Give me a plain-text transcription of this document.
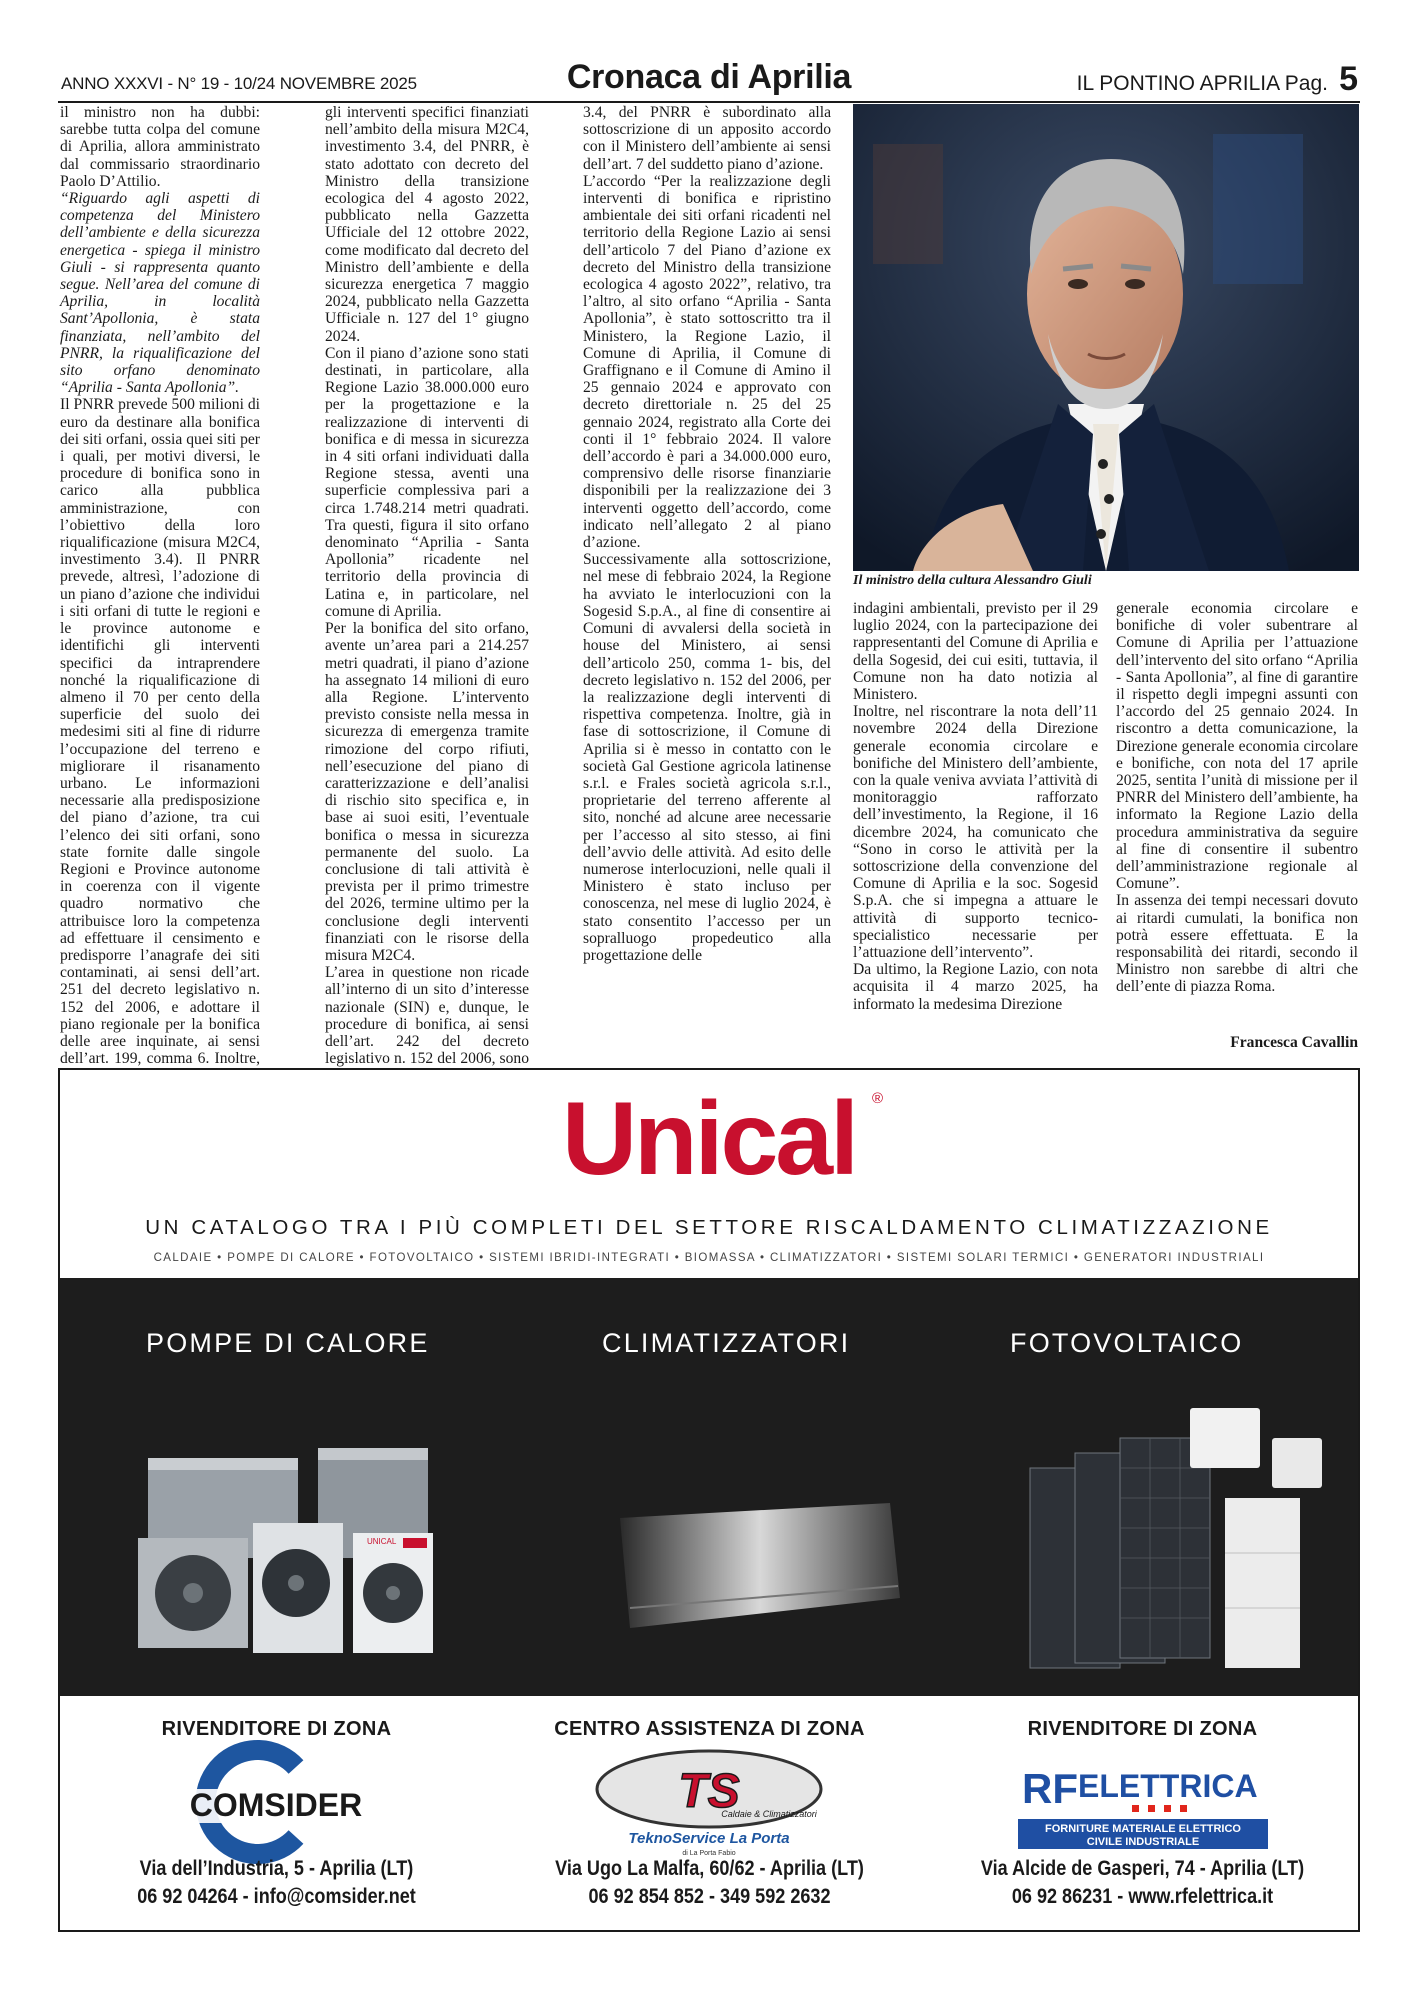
ANNO XXXVI - N° 19 - 10/24 NOVEMBRE 2025	Cronaca di Aprilia	IL PONTINO APRILIA Pag. 5

il ministro non ha dubbi: sarebbe tutta colpa del comune di Aprilia, allora amministrato dal commissario straordinario Paolo D’Attilio.

“Riguardo agli aspetti di competenza del Ministero dell’ambiente e della sicurezza energetica - spiega il ministro Giuli - si rappresenta quanto segue. Nell’area del comune di Aprilia, in località Sant’Apollonia, è stata finanziata, nell’ambito del PNRR, la riqualificazione del sito orfano denominato “Aprilia - Santa Apollonia”.

Il PNRR prevede 500 milioni di euro da destinare alla bonifica dei siti orfani, ossia quei siti per i quali, per motivi diversi, le procedure di bonifica sono in carico alla pubblica amministrazione, con l’obiettivo della loro riqualificazione (misura M2C4, investimento 3.4). Il PNRR prevede, altresì, l’adozione di un piano d’azione che individui i siti orfani di tutte le regioni e le province autonome e identifichi gli interventi specifici da intraprendere nonché la riqualificazione di almeno il 70 per cento della superficie del suolo dei medesimi siti al fine di ridurre l’occupazione del terreno e migliorare il risanamento urbano. Le informazioni necessarie alla predisposizione del piano d’azione, tra cui l’elenco dei siti orfani, sono state fornite dalle singole Regioni e Province autonome in coerenza con il vigente quadro normativo che attribuisce loro la competenza ad effettuare il censimento e predisporre l’anagrafe dei siti contaminati, ai sensi dell’art. 251 del decreto legislativo n. 152 del 2006, e adottare il piano regionale per la bonifica delle aree inquinate, ai sensi dell’art. 199, comma 6. Inoltre,

gli interventi specifici finanziati nell’ambito della misura M2C4, investimento 3.4, del PNRR, è stato adottato con decreto del Ministro della transizione ecologica del 4 agosto 2022, pubblicato nella Gazzetta Ufficiale del 12 ottobre 2022, come modificato dal decreto del Ministro dell’ambiente e della sicurezza energetica 7 maggio 2024, pubblicato nella Gazzetta Ufficiale n. 127 del 1° giugno 2024.

Con il piano d’azione sono stati destinati, in particolare, alla Regione Lazio 38.000.000 euro per la progettazione e la realizzazione di interventi di bonifica e di messa in sicurezza in 4 siti orfani individuati dalla Regione stessa, aventi una superficie complessiva pari a circa 1.748.214 metri quadrati. Tra questi, figura il sito orfano denominato “Aprilia - Santa Apollonia” ricadente nel territorio della provincia di Latina e, in particolare, nel comune di Aprilia.

Per la bonifica del sito orfano, avente un’area pari a 214.257 metri quadrati, il piano d’azione ha assegnato 14 milioni di euro alla Regione. L’intervento previsto consiste nella messa in sicurezza di emergenza tramite rimozione del corpo rifiuti, nell’esecuzione del piano di caratterizzazione e dell’analisi di rischio sito specifica e, in base ai suoi esiti, l’eventuale bonifica o messa in sicurezza permanente del suolo. La conclusione di tali attività è prevista per il primo trimestre del 2026, termine ultimo per la conclusione degli interventi finanziati con le risorse della misura M2C4.

L’area in questione non ricade all’interno di un sito d’interesse nazionale (SIN) e, dunque, le procedure di bonifica, ai sensi dell’art. 242 del decreto legislativo n. 152 del 2006, sono

3.4, del PNRR è subordinato alla sottoscrizione di un apposito accordo con il Ministero dell’ambiente ai sensi dell’art. 7 del suddetto piano d’azione.

L’accordo “Per la realizzazione degli interventi di bonifica e ripristino ambientale dei siti orfani ricadenti nel territorio della Regione Lazio ai sensi dell’articolo 7 del Piano d’azione ex decreto del Ministro della transizione ecologica 4 agosto 2022”, relativo, tra l’altro, al sito orfano “Aprilia - Santa Apollonia”, è stato sottoscritto tra il Ministero, la Regione Lazio, il Comune di Aprilia, il Comune di Graffignano e il Comune di Amino il 25 gennaio 2024 e approvato con decreto direttoriale n. 25 del 25 gennaio 2024, registrato alla Corte dei conti il 1° febbraio 2024. Il valore dell’accordo è pari a 34.000.000 euro, comprensivo delle risorse finanziarie disponibili per la realizzazione dei 3 interventi oggetto dell’accordo, come indicato nell’allegato 2 al piano d’azione.

Successivamente alla sottoscrizione, nel mese di febbraio 2024, la Regione ha avviato le interlocuzioni con la Sogesid S.p.A., al fine di consentire ai Comuni di avvalersi della società in house del Ministero, ai sensi dell’articolo 250, comma 1- bis, del decreto legislativo n. 152 del 2006, per la realizzazione degli interventi di rispettiva competenza. Inoltre, già in fase di sottoscrizione, il Comune di Aprilia si è messo in contatto con le società Gal Gestione agricola latinense s.r.l. e Frales società agricola s.r.l., proprietarie del terreno afferente al sito, nonché ad alcune aree necessarie per l’accesso al sito stesso, ai fini dell’avvio delle attività. Ad esito delle numerose interlocuzioni, nelle quali il Ministero è stato incluso per conoscenza, nel mese di luglio 2024, è stato consentito l’accesso per un sopralluogo propedeutico alla progettazione delle

Il ministro della cultura Alessandro Giuli

indagini ambientali, previsto per il 29 luglio 2024, con la partecipazione dei rappresentanti del Comune di Aprilia e della Sogesid, dei cui esiti, tuttavia, il Comune non ha dato notizia al Ministero.

Inoltre, nel riscontrare la nota dell’11 novembre 2024 della Direzione generale economia circolare e bonifiche del Ministero dell’ambiente, con la quale veniva avviata l’attività di monitoraggio rafforzato dell’investimento, la Regione, il 16 dicembre 2024, ha comunicato che “Sono in corso le attività per la sottoscrizione della convenzione del Comune di Aprilia e la soc. Sogesid S.p.A. che si impegna a attuare le attività di supporto tecnico-specialistico necessarie per l’attuazione dell’intervento”.

Da ultimo, la Regione Lazio, con nota acquisita il 4 marzo 2025, ha informato la medesima Direzione

generale economia circolare e bonifiche di voler subentrare al Comune di Aprilia per l’attuazione dell’intervento del sito orfano “Aprilia - Santa Apollonia”, al fine di garantire il rispetto degli impegni assunti con l’accordo del 25 gennaio 2024. In riscontro a detta comunicazione, la Direzione generale economia circolare e bonifiche, con nota del 17 aprile 2025, sentita l’unità di missione per il PNRR del Ministero dell’ambiente, ha informato la Regione Lazio della procedura amministrativa da seguire al fine di consentire il subentro dell’amministrazione regionale al Comune”.

In assenza dei tempi necessari dovuto ai ritardi cumulati, la bonifica non potrà essere effettuata. E la responsabilità dei ritardi, secondo il Ministro non sarebbe di altri che dell’ente di piazza Roma.

Francesca Cavallin
Unical	®
UN CATALOGO TRA I PIÙ COMPLETI DEL SETTORE RISCALDAMENTO CLIMATIZZAZIONE
CALDAIE • POMPE DI CALORE • FOTOVOLTAICO • SISTEMI IBRIDI-INTEGRATI • BIOMASSA • CLIMATIZZATORI • SISTEMI SOLARI TERMICI • GENERATORI INDUSTRIALI
POMPE DI CALORE	CLIMATIZZATORI	FOTOVOLTAICO
UNICAL
RIVENDITORE DI ZONA
COMSIDER
Via dell’Industria, 5 - Aprilia (LT)
06 92 04264 - info@comsider.net
CENTRO ASSISTENZA DI ZONA
TS
Caldaie & Climatizzatori
TeknoService La Porta
di La Porta Fabio
Via Ugo La Malfa, 60/62 - Aprilia (LT)
06 92 854 852 - 349 592 2632
RIVENDITORE DI ZONA
RF ELETTRICA
FORNITURE MATERIALE ELETTRICO
CIVILE INDUSTRIALE
Via Alcide de Gasperi, 74 - Aprilia (LT)
06 92 86231 - www.rfelettrica.it
